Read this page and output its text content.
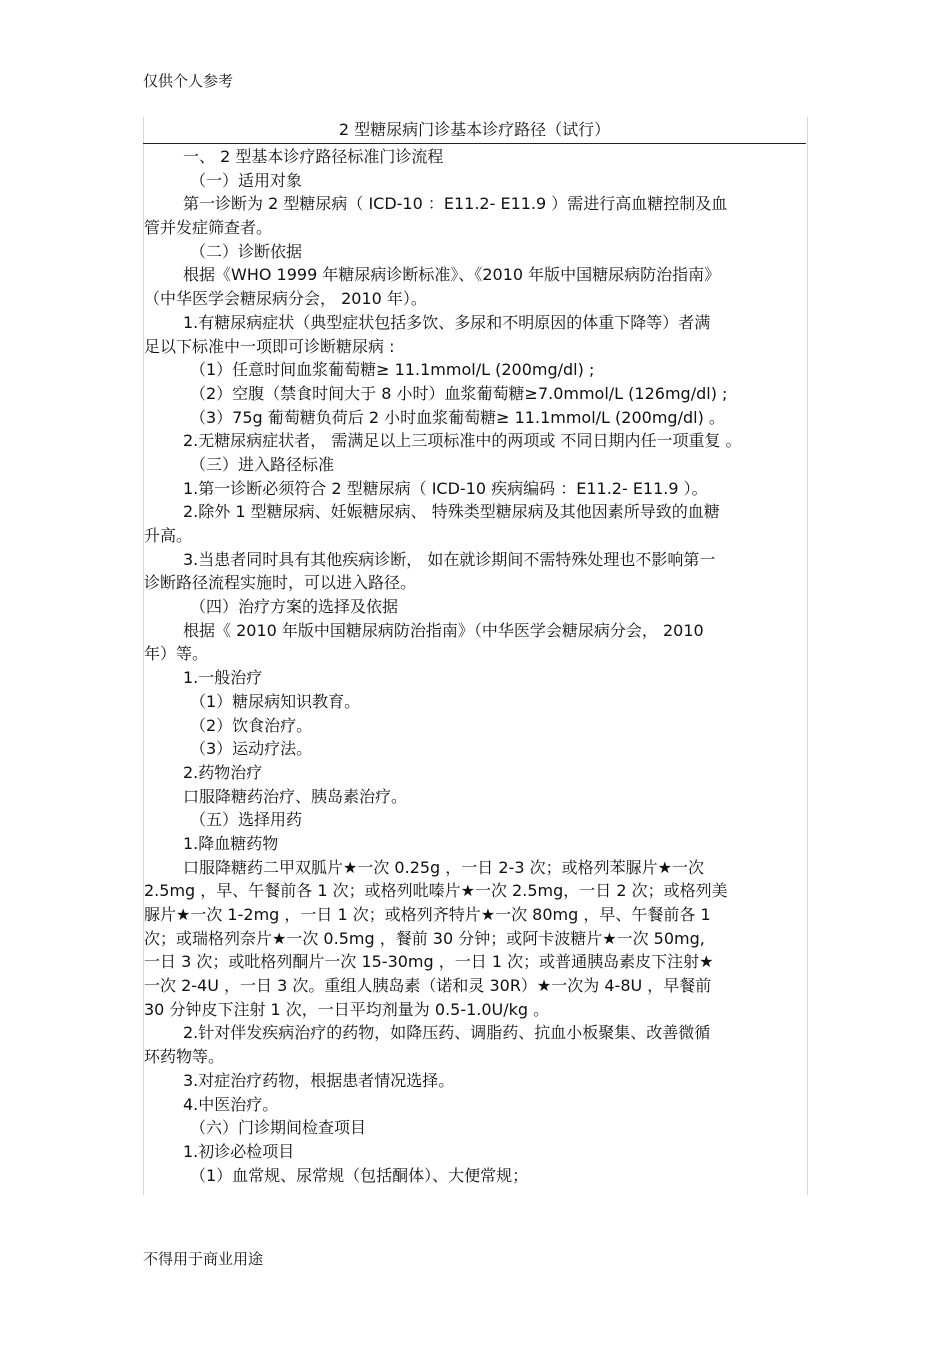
仅供个人参考
2 型糖尿病门诊基本诊疗路径（试行）
一、 2 型基本诊疗路径标准门诊流程
（一）适用对象
第一诊断为 2 型糖尿病（ ICD-10 ：E11.2- E11.9 ）需进行高血糖控制及血
管并发症筛查者。
（二）诊断依据
根据《WHO 1999 年糖尿病诊断标准》、《2010 年版中国糖尿病防治指南》
（中华医学会糖尿病分会， 2010 年）。
1.有糖尿病症状（典型症状包括多饮、多尿和不明原因的体重下降等）者满
足以下标准中一项即可诊断糖尿病 :
（1）任意时间血浆葡萄糖≥ 11.1mmol/L (200mg/dl) ;
（2）空腹（禁食时间大于 8 小时）血浆葡萄糖≥7.0mmol/L (126mg/dl) ;
（3）75g 葡萄糖负荷后 2 小时血浆葡萄糖≥ 11.1mmol/L (200mg/dl) 。
2.无糖尿病症状者， 需满足以上三项标准中的两项或 不同日期内任一项重复 。
（三）进入路径标准
1.第一诊断必须符合 2 型糖尿病（ ICD-10 疾病编码 ：E11.2- E11.9 ）。
2.除外 1 型糖尿病、妊娠糖尿病、 特殊类型糖尿病及其他因素所导致的血糖
升高。
3.当患者同时具有其他疾病诊断， 如在就诊期间不需特殊处理也不影响第一
诊断路径流程实施时，可以进入路径。
（四）治疗方案的选择及依据
根据《 2010 年版中国糖尿病防治指南》（中华医学会糖尿病分会， 2010
年）等。
1.一般治疗
（1）糖尿病知识教育。
（2）饮食治疗。
（3）运动疗法。
2.药物治疗
口服降糖药治疗、胰岛素治疗。
（五）选择用药
1.降血糖药物
口服降糖药二甲双胍片★一次 0.25g ，一日 2-3 次；或格列苯脲片★一次
2.5mg ，早、午餐前各 1 次；或格列吡嗪片★一次 2.5mg，一日 2 次；或格列美
脲片★一次 1-2mg ，一日 1 次；或格列齐特片★一次 80mg ，早、午餐前各 1
次；或瑞格列奈片★一次 0.5mg ，餐前 30 分钟；或阿卡波糖片★一次 50mg,
一日 3 次；或吡格列酮片一次 15-30mg ，一日 1 次；或普通胰岛素皮下注射★
一次 2-4U ，一日 3 次。重组人胰岛素（诺和灵 30R）★一次为 4-8U ，早餐前
30 分钟皮下注射 1 次，一日平均剂量为 0.5-1.0U/kg 。
2.针对伴发疾病治疗的药物，如降压药、调脂药、抗血小板聚集、改善微循
环药物等。
3.对症治疗药物，根据患者情况选择。
4.中医治疗。
（六）门诊期间检查项目
1.初诊必检项目
（1）血常规、尿常规（包括酮体）、大便常规；
不得用于商业用途
